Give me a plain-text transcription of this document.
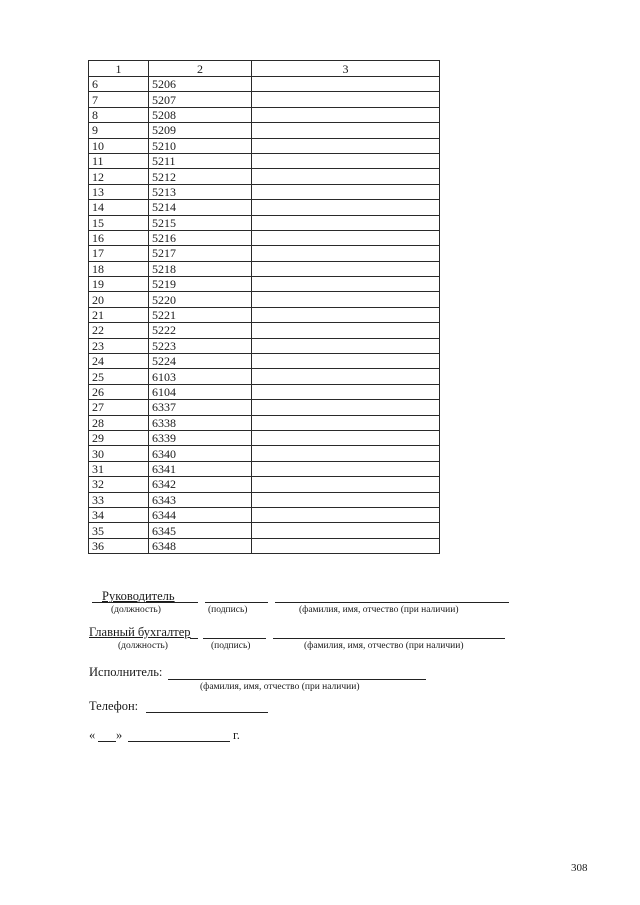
1	2	3
6	5206	
7	5207	
8	5208	
9	5209	
10	5210	
11	5211	
12	5212	
13	5213	
14	5214	
15	5215	
16	5216	
17	5217	
18	5218	
19	5219	
20	5220	
21	5221	
22	5222	
23	5223	
24	5224	
25	6103	
26	6104	
27	6337	
28	6338	
29	6339	
30	6340	
31	6341	
32	6342	
33	6343	
34	6344	
35	6345	
36	6348	
Руководитель
(должность)	(подпись)	(фамилия, имя, отчество (при наличии)
Главный бухгалтер
(должность)	(подпись)	(фамилия, имя, отчество (при наличии)
Исполнитель:
(фамилия, имя, отчество (при наличии)
Телефон:
« »	г.
308
